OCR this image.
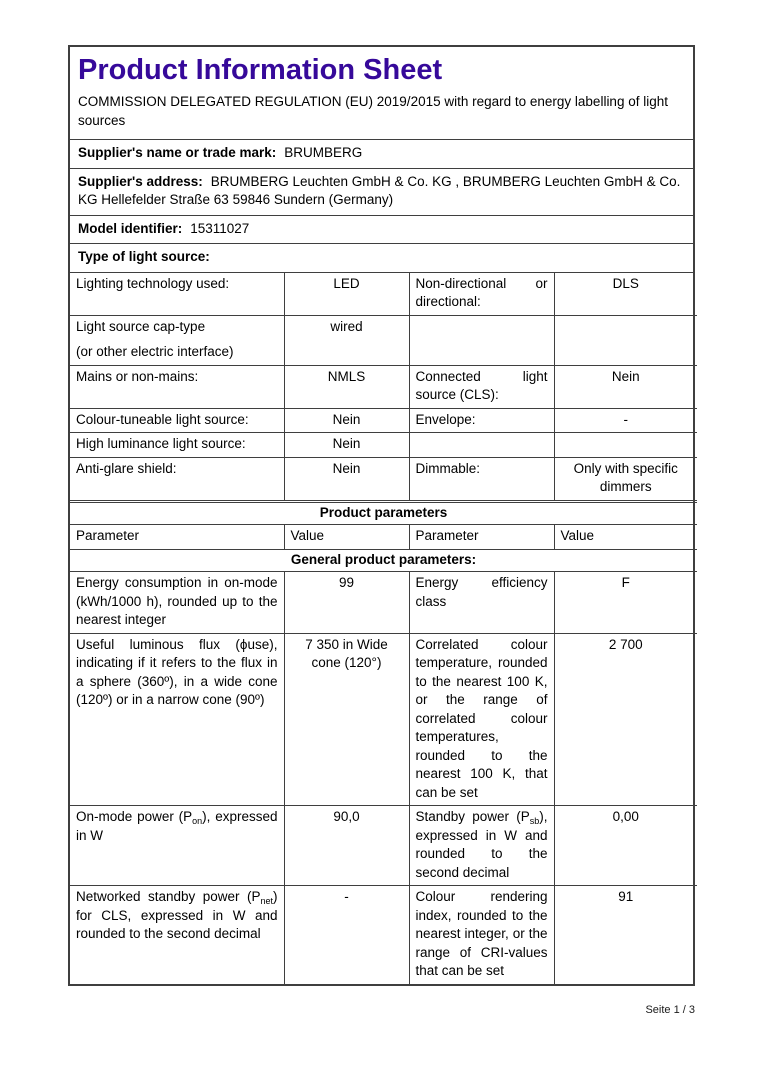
Product Information Sheet
COMMISSION DELEGATED REGULATION (EU) 2019/2015 with regard to energy labelling of light sources
Supplier's name or trade mark: BRUMBERG
Supplier's address: BRUMBERG Leuchten GmbH & Co. KG , BRUMBERG Leuchten GmbH & Co. KG Hellefelder Straße 63 59846 Sundern (Germany)
Model identifier: 15311027
Type of light source:
Lighting technology used:	LED	Non-directional or directional:	DLS

Light source cap-type
(or other electric interface)	wired		
Mains or non-mains:	NMLS	Connected light source (CLS):	Nein
Colour-tuneable light source:	Nein	Envelope:	-
High luminance light source:	Nein		
Anti-glare shield:	Nein	Dimmable:	Only with specific dimmers
Product parameters			
Parameter	Value	Parameter	Value
General product parameters:			
Energy consumption in on-mode (kWh/1000 h), rounded up to the nearest integer	99	Energy efficiency class	F
Useful luminous flux (ϕuse), indicating if it refers to the flux in a sphere (360º), in a wide cone (120º) or in a narrow cone (90º)	7 350 in Wide cone (120°)	Correlated colour temperature, rounded to the nearest 100 K, or the range of correlated colour temperatures, rounded to the nearest 100 K, that can be set	2 700
On-mode power $(P_{on})$, expressed in W	90,0	Standby power $(P_{sb})$, expressed in W and rounded to the second decimal	0,00
Networked standby power $(P_{net})$ for CLS, expressed in W and rounded to the second decimal	-	Colour rendering index, rounded to the nearest integer, or the range of CRI-values that can be set	91
Seite 1 / 3
